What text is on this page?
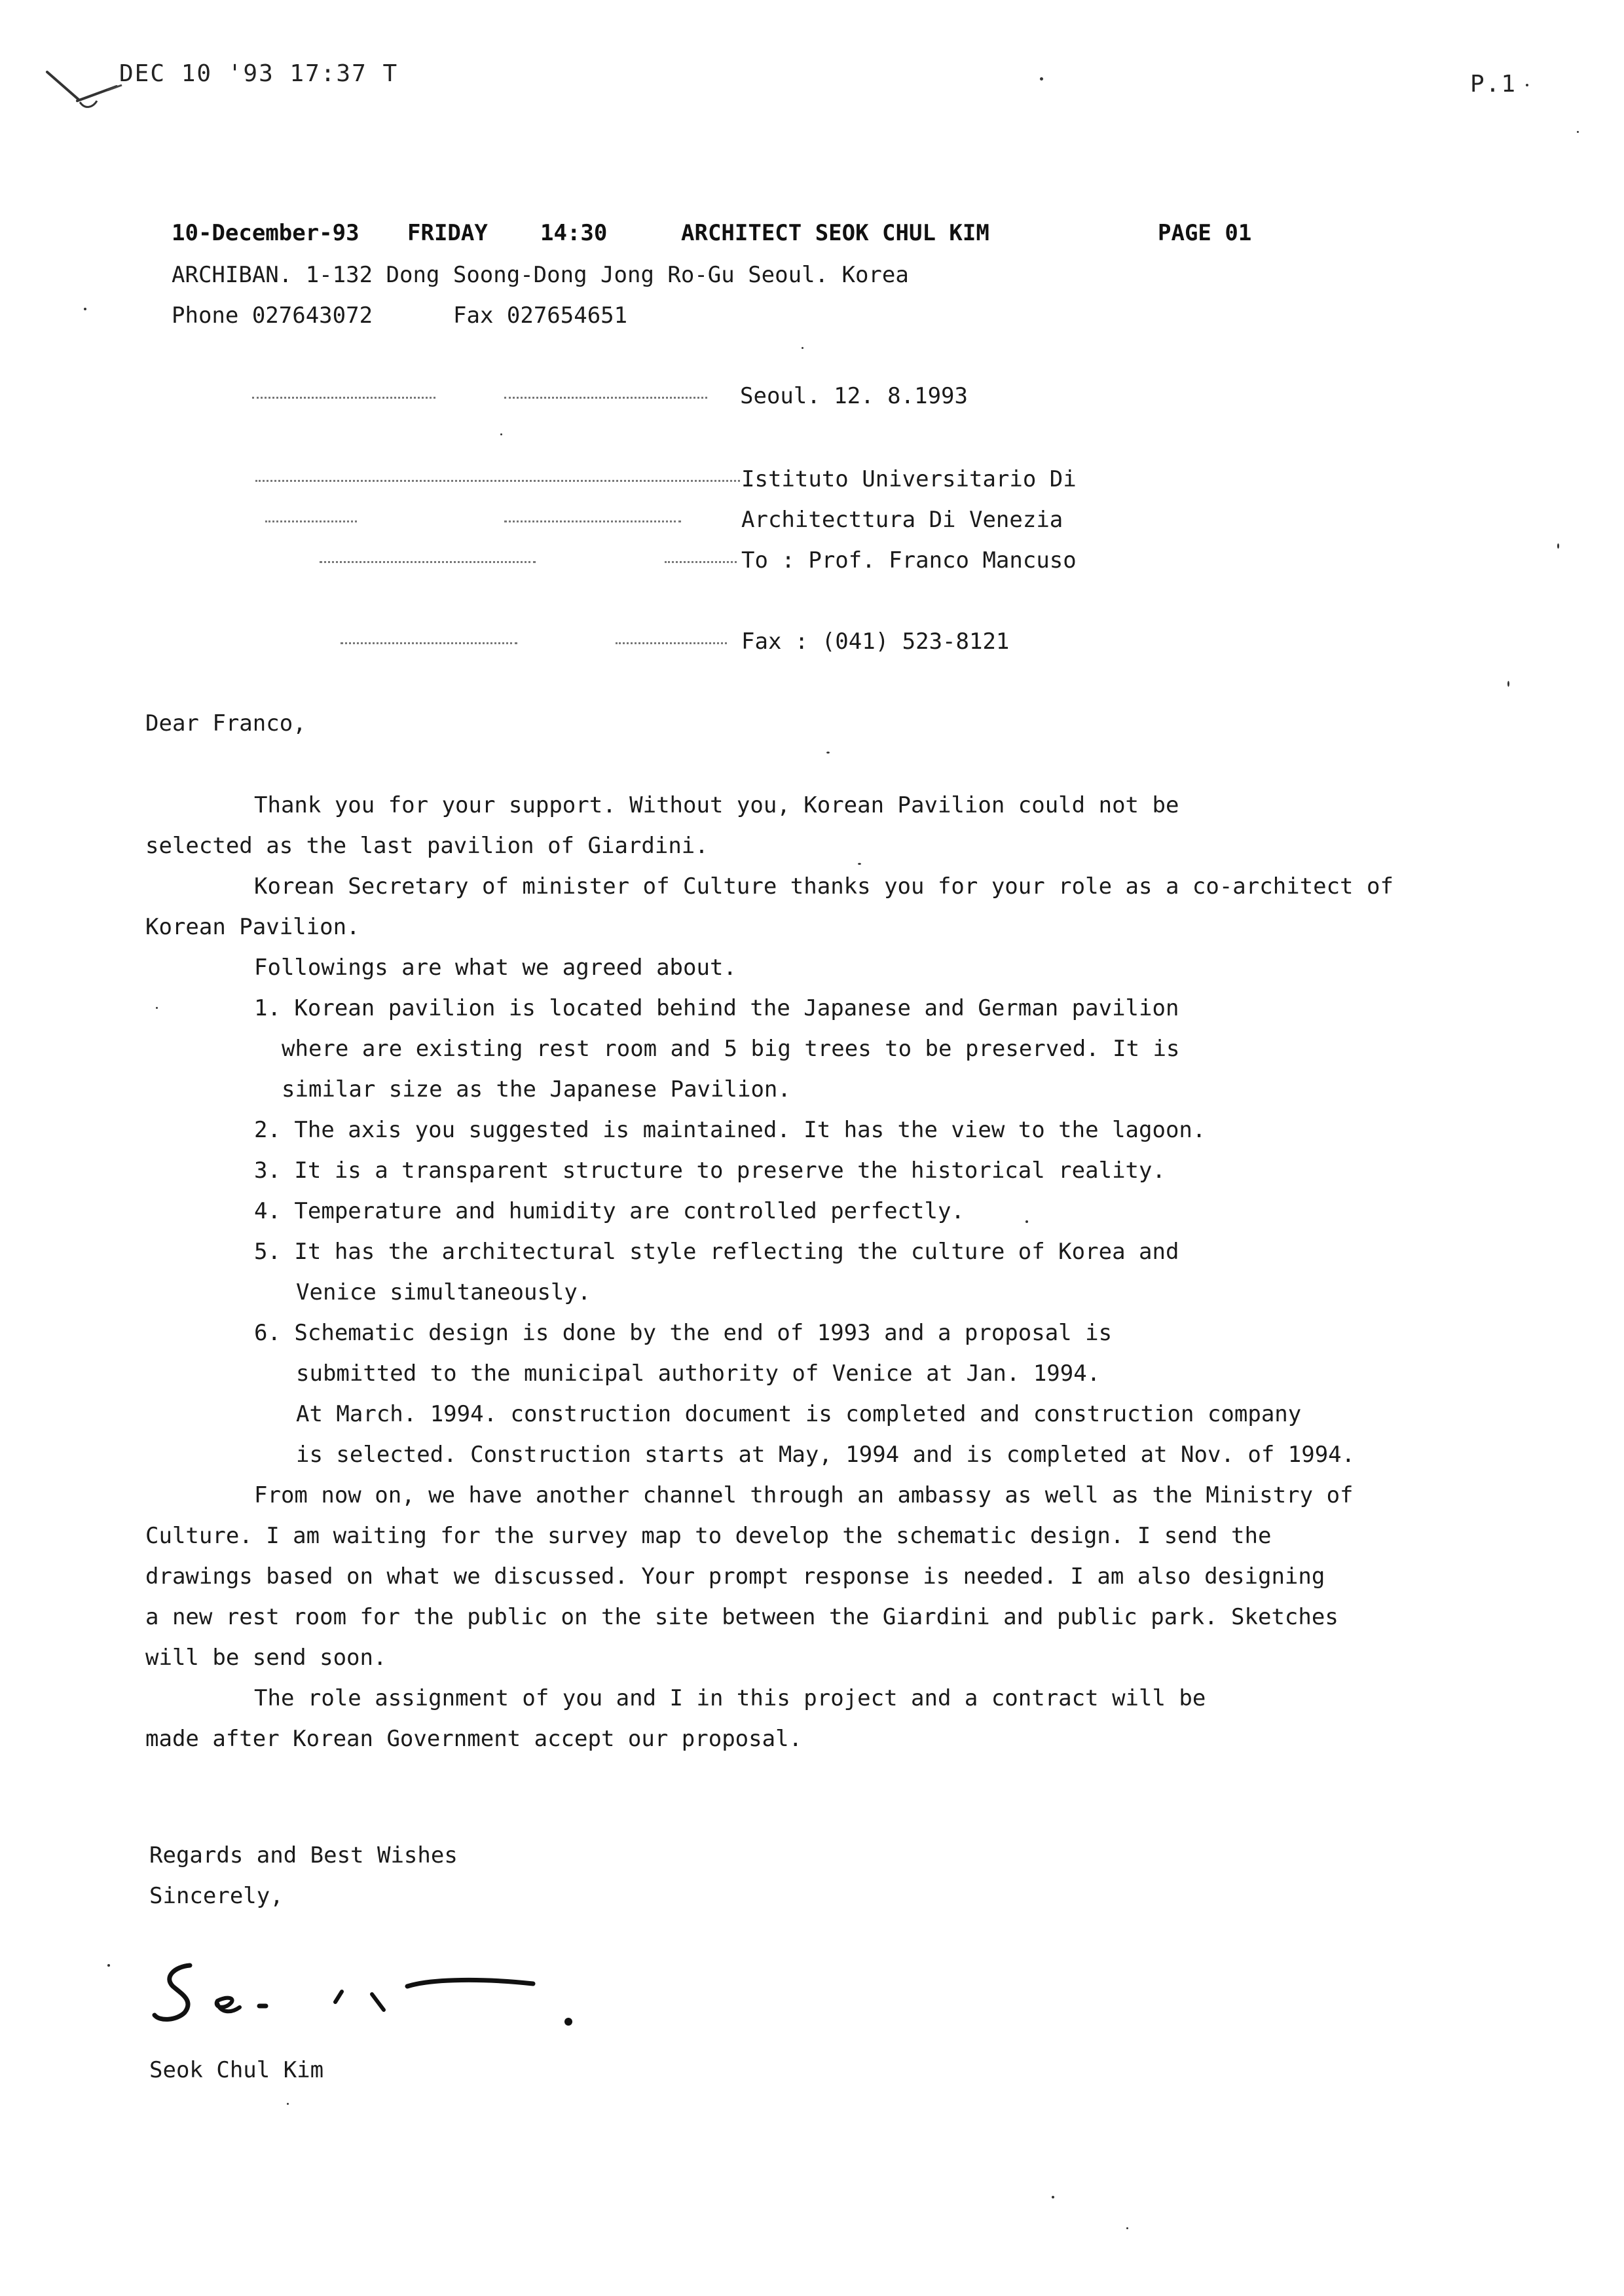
DEC 10 '93 17:37 T	P.1
10-December-93 FRIDAY 14:30	ARCHITECT SEOK CHUL KIM	PAGE 01
ARCHIBAN. 1-132 Dong Soong-Dong Jong Ro-Gu Seoul. Korea
Phone 027643072	Fax 027654651
Seoul. 12. 8.1993
Istituto Universitario Di
Architecttura Di Venezia
To : Prof. Franco Mancuso
Fax : (041) 523-8121
Dear Franco,
Thank you for your support. Without you, Korean Pavilion could not be
selected as the last pavilion of Giardini.
Korean Secretary of minister of Culture thanks you for your role as a co-architect of
Korean Pavilion.
Followings are what we agreed about.
1. Korean pavilion is located behind the Japanese and German pavilion
where are existing rest room and 5 big trees to be preserved. It is
similar size as the Japanese Pavilion.
2. The axis you suggested is maintained. It has the view to the lagoon.
3. It is a transparent structure to preserve the historical reality.
4. Temperature and humidity are controlled perfectly.
5. It has the architectural style reflecting the culture of Korea and
Venice simultaneously.
6. Schematic design is done by the end of 1993 and a proposal is
submitted to the municipal authority of Venice at Jan. 1994.
At March. 1994. construction document is completed and construction company
is selected. Construction starts at May, 1994 and is completed at Nov. of 1994.
From now on, we have another channel through an ambassy as well as the Ministry of
Culture. I am waiting for the survey map to develop the schematic design. I send the
drawings based on what we discussed. Your prompt response is needed. I am also designing
a new rest room for the public on the site between the Giardini and public park. Sketches
will be send soon.
The role assignment of you and I in this project and a contract will be
made after Korean Government accept our proposal.
Regards and Best Wishes
Sincerely,
Seok Chul Kim
